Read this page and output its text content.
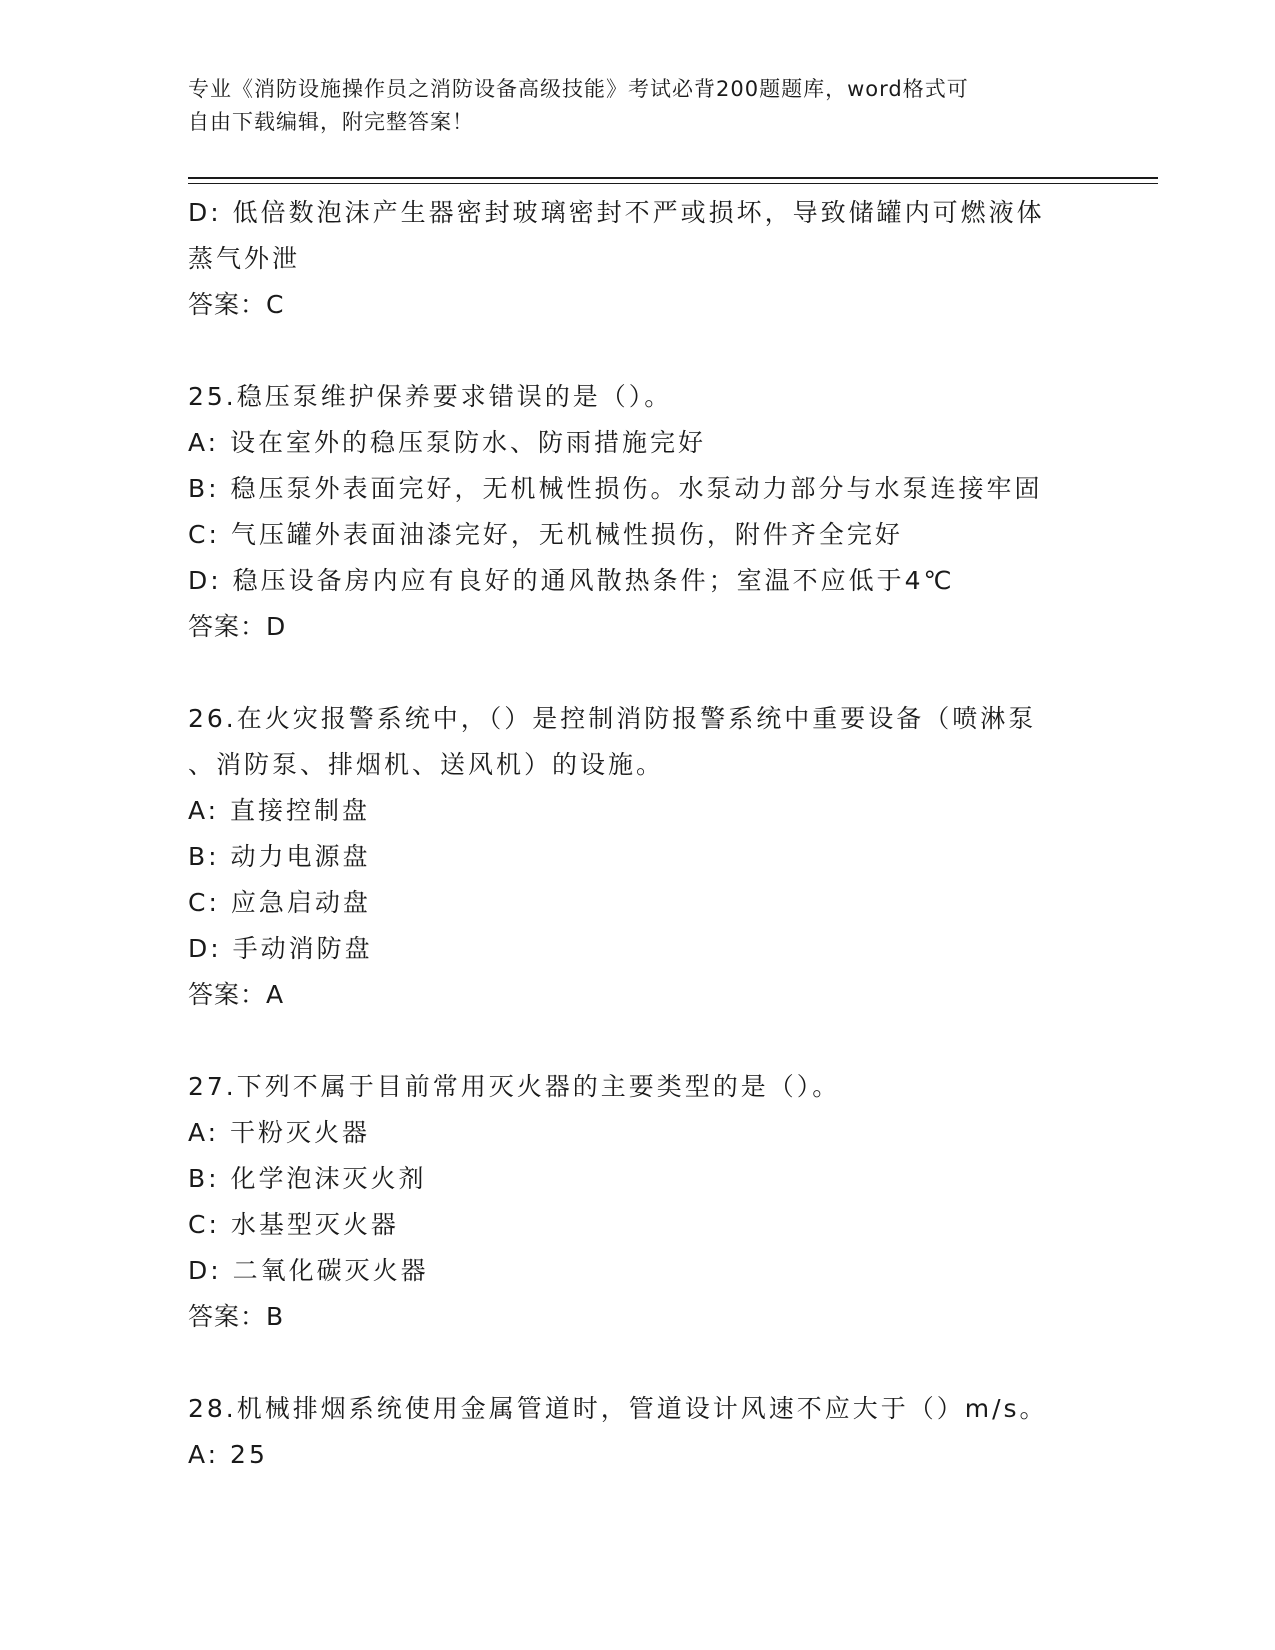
专业《消防设施操作员之消防设备高级技能》考试必背200题题库，word格式可
自由下载编辑，附完整答案！
D: 低倍数泡沫产生器密封玻璃密封不严或损坏，导致储罐内可燃液体
蒸气外泄
答案：C
25.稳压泵维护保养要求错误的是（）。
A: 设在室外的稳压泵防水、防雨措施完好
B: 稳压泵外表面完好，无机械性损伤。水泵动力部分与水泵连接牢固
C: 气压罐外表面油漆完好，无机械性损伤，附件齐全完好
D: 稳压设备房内应有良好的通风散热条件；室温不应低于4℃
答案：D
26.在火灾报警系统中，（）是控制消防报警系统中重要设备（喷淋泵
、消防泵、排烟机、送风机）的设施。
A: 直接控制盘
B: 动力电源盘
C: 应急启动盘
D: 手动消防盘
答案：A
27.下列不属于目前常用灭火器的主要类型的是（）。
A: 干粉灭火器
B: 化学泡沫灭火剂
C: 水基型灭火器
D: 二氧化碳灭火器
答案：B
28.机械排烟系统使用金属管道时，管道设计风速不应大于（）m/s。
A: 25
